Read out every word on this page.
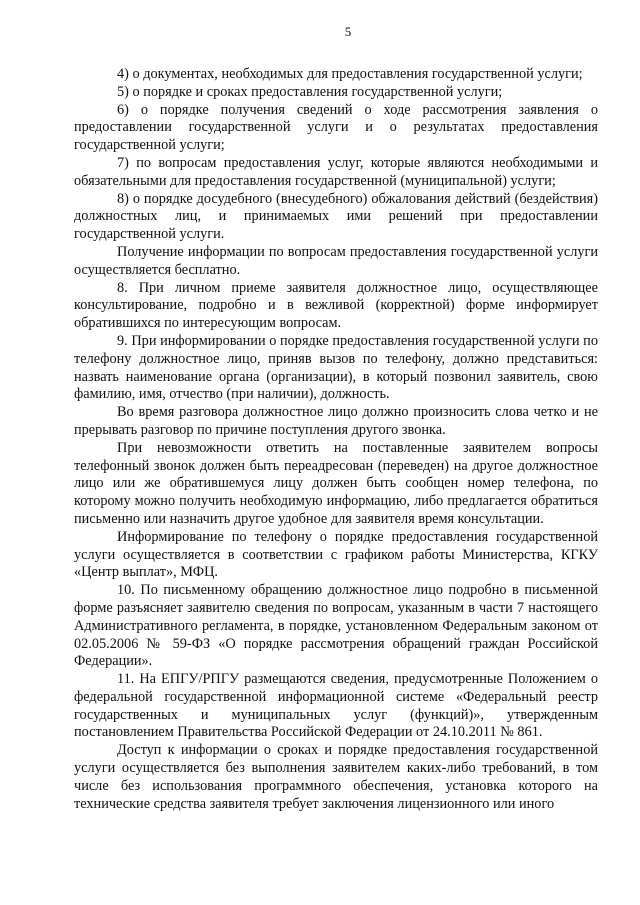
5

4) о документах, необходимых для предоставления государственной услуги;

5) о порядке и сроках предоставления государственной услуги;

6) о порядке получения сведений о ходе рассмотрения заявления о предоставлении государственной услуги и о результатах предоставления государственной услуги;

7) по вопросам предоставления услуг, которые являются необходимыми и обязательными для предоставления государственной (муниципальной) услуги;

8) о порядке досудебного (внесудебного) обжалования действий (бездействия) должностных лиц, и принимаемых ими решений при предоставлении государственной услуги.

Получение информации по вопросам предоставления государственной услуги осуществляется бесплатно.

8. При личном приеме заявителя должностное лицо, осуществляющее консультирование, подробно и в вежливой (корректной) форме информирует обратившихся по интересующим вопросам.

9. При информировании о порядке предоставления государственной услуги по телефону должностное лицо, приняв вызов по телефону, должно представиться: назвать наименование органа (организации), в который позвонил заявитель, свою фамилию, имя, отчество (при наличии), должность.

Во время разговора должностное лицо должно произносить слова четко и не прерывать разговор по причине поступления другого звонка.

При невозможности ответить на поставленные заявителем вопросы телефонный звонок должен быть переадресован (переведен) на другое должностное лицо или же обратившемуся лицу должен быть сообщен номер телефона, по которому можно получить необходимую информацию, либо предлагается обратиться письменно или назначить другое удобное для заявителя время консультации.

Информирование по телефону о порядке предоставления государственной услуги осуществляется в соответствии с графиком работы Министерства, КГКУ «Центр выплат», МФЦ.

10. По письменному обращению должностное лицо подробно в письменной форме разъясняет заявителю сведения по вопросам, указанным в части 7 настоящего Административного регламента, в порядке, установленном Федеральным законом от 02.05.2006 № 59-ФЗ «О порядке рассмотрения обращений граждан Российской Федерации».

11. На ЕПГУ/РПГУ размещаются сведения, предусмотренные Положением о федеральной государственной информационной системе «Федеральный реестр государственных и муниципальных услуг (функций)», утвержденным постановлением Правительства Российской Федерации от 24.10.2011 № 861.

Доступ к информации о сроках и порядке предоставления государственной услуги осуществляется без выполнения заявителем каких-либо требований, в том числе без использования программного обеспечения, установка которого на технические средства заявителя требует заключения лицензионного или иного
